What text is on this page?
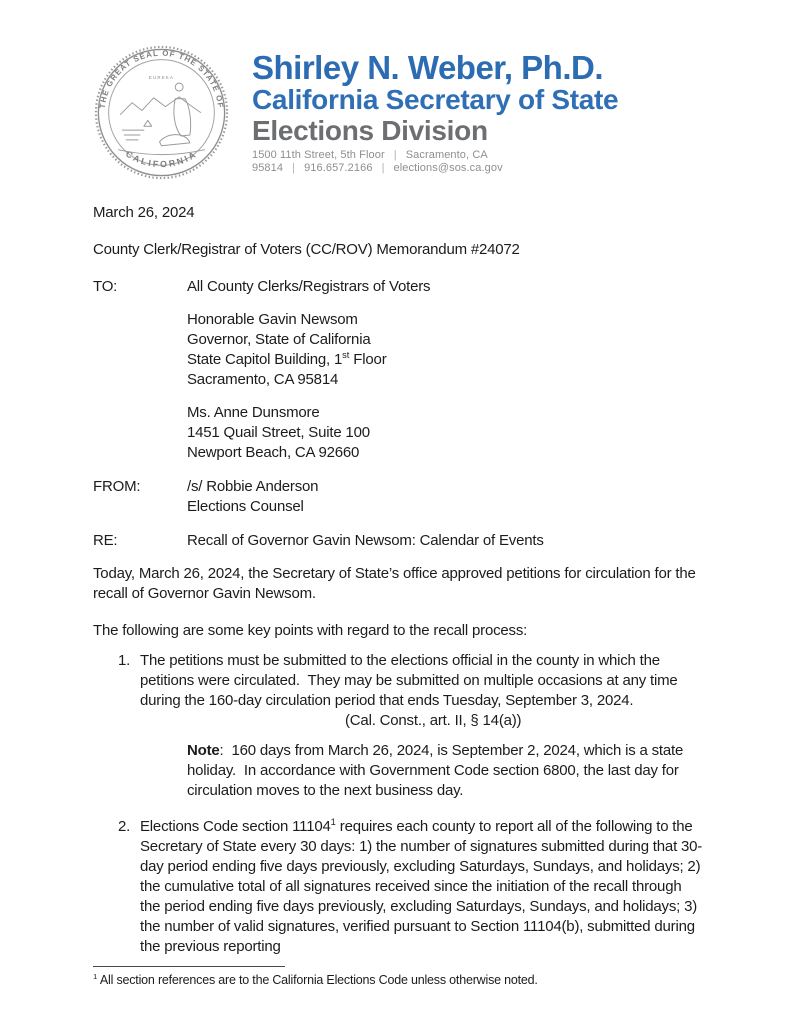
THE GREAT SEAL OF THE STATE OF
CALIFORNIA
EUREKA Shirley N. Weber, Ph.D.
California Secretary of State
Elections Division
1500 11th Street, 5th Floor | Sacramento, CA 95814 | 916.657.2166 | elections@sos.ca.gov

March 26, 2024

County Clerk/Registrar of Voters (CC/ROV) Memorandum #24072

TO:	All County Clerks/Registrars of Voters
Honorable Gavin Newsom
Governor, State of California
State Capitol Building, 1st Floor
Sacramento, CA 95814
Ms. Anne Dunsmore
1451 Quail Street, Suite 100
Newport Beach, CA 92660
FROM:	/s/ Robbie Anderson
Elections Counsel
RE:	Recall of Governor Gavin Newsom: Calendar of Events

Today, March 26, 2024, the Secretary of State’s office approved petitions for circulation for the recall of Governor Gavin Newsom.

The following are some key points with regard to the recall process:

1. The petitions must be submitted to the elections official in the county in which the petitions were circulated.  They may be submitted on multiple occasions at any time during the 160-day circulation period that ends Tuesday, September 3, 2024.(Cal. Const., art. II, § 14(a))
Note:  160 days from March 26, 2024, is September 2, 2024, which is a state holiday.  In accordance with Government Code section 6800, the last day for circulation moves to the next business day.
2. Elections Code section 11104$^1$ requires each county to report all of the following to the Secretary of State every 30 days: 1) the number of signatures submitted during that 30-day period ending five days previously, excluding Saturdays, Sundays, and holidays; 2) the cumulative total of all signatures received since the initiation of the recall through the period ending five days previously, excluding Saturdays, Sundays, and holidays; 3) the number of valid signatures, verified pursuant to Section 11104(b), submitted during the previous reporting

$^1$ All section references are to the California Elections Code unless otherwise noted.
